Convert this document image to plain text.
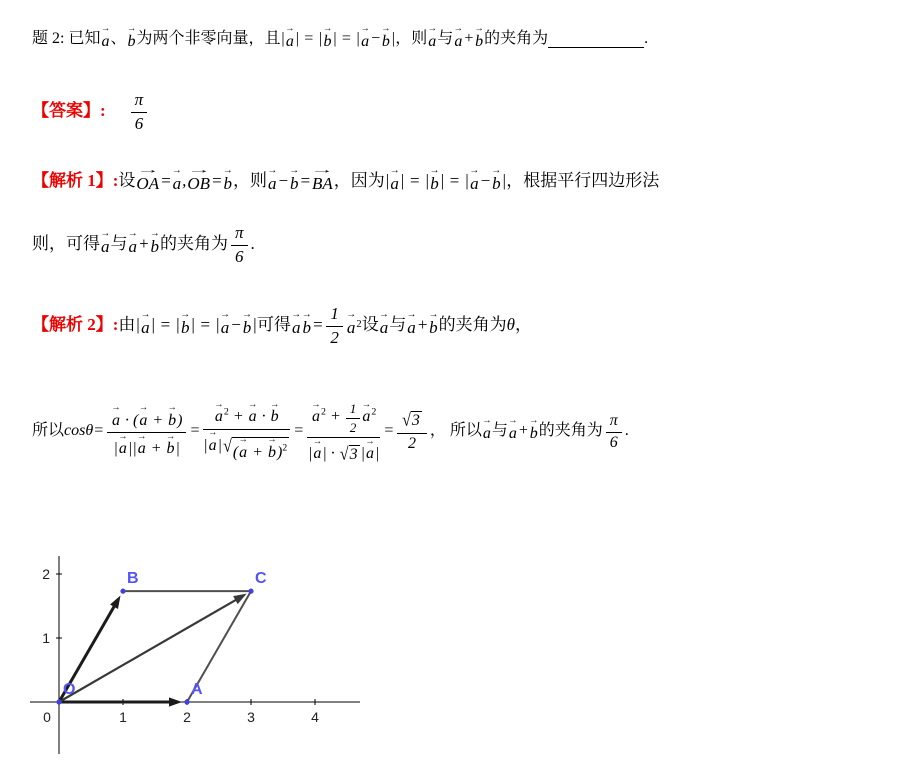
题 2: 已知 → a 、 → b 为两个非零向量，且 | → a | = | → b | = | → a − → b | ，则 → a 与 → a + → b 的夹角为	.
【答案】: $\frac{\pi}{6}$
【解析 1】: 设 → OA = → a , → OB = → b ，则 → a − → b = → BA ，因为 | → a | = | → b | = | → a − → b | ，根据平行四边形法
则，可得 → a 与 → a + → b 的夹角为 $\frac{\pi}{6}$ .
【解析 2】: 由 | → a | = | → b | = | → a − → b | 可得 → $a \to b = \frac{1}{2} \to a$ 2 设 → a 与 → a + → b 的夹角为 θ ，
所以 cos θ = → $\frac{a \cdot (\to a + \to b)}{|\to a||\to a + \to b|}$ = → $\frac{a^2 + \to a \cdot \to b}{|\to a| √ (\to a + \to b)^2}$ = → $\frac{a^2 + \frac{1}{2} \to a^2}{|\to a| \cdot √ 3 |\to a|} = \frac{√ 3}{2}$ ， 所以 → a 与 → a + → b 的夹角为 $\frac{\pi}{6}$ .
1	2	3	4
1
2
0
O	A
B	C
